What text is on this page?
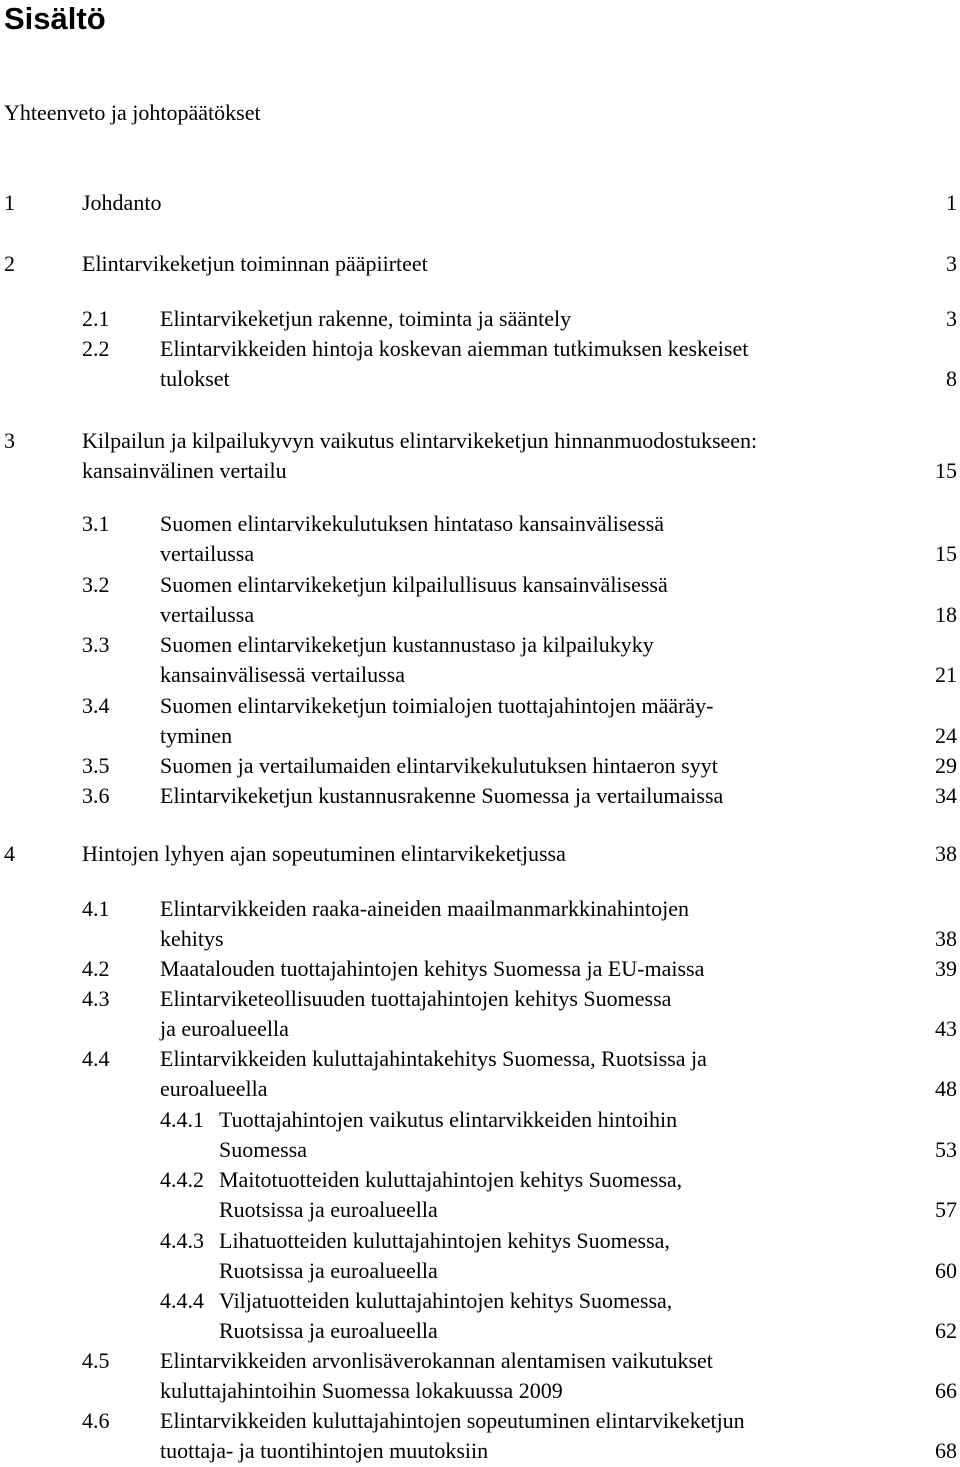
Sisältö
Yhteenveto ja johtopäätökset
1	Johdanto	1
2	Elintarvikeketjun toiminnan pääpiirteet	3
2.1 Elintarvikeketjun rakenne, toiminta ja sääntely	3
2.2 Elintarvikkeiden hintoja koskevan aiemman tutkimuksen keskeiset
tulokset	8
3	Kilpailun ja kilpailukyvyn vaikutus elintarvikeketjun hinnanmuodostukseen:
kansainvälinen vertailu	15
3.1 Suomen elintarvikekulutuksen hintataso kansainvälisessä
vertailussa	15
3.2 Suomen elintarvikeketjun kilpailullisuus kansainvälisessä
vertailussa	18
3.3 Suomen elintarvikeketjun kustannustaso ja kilpailukyky
kansainvälisessä vertailussa	21
3.4 Suomen elintarvikeketjun toimialojen tuottajahintojen määräy-
tyminen	24
3.5 Suomen ja vertailumaiden elintarvikekulutuksen hintaeron syyt	29
3.6 Elintarvikeketjun kustannusrakenne Suomessa ja vertailumaissa	34
4	Hintojen lyhyen ajan sopeutuminen elintarvikeketjussa	38
4.1 Elintarvikkeiden raaka-aineiden maailmanmarkkinahintojen
kehitys	38
4.2 Maatalouden tuottajahintojen kehitys Suomessa ja EU-maissa	39
4.3 Elintarviketeollisuuden tuottajahintojen kehitys Suomessa
ja euroalueella	43
4.4 Elintarvikkeiden kuluttajahintakehitys Suomessa, Ruotsissa ja
euroalueella	48
4.4.1 Tuottajahintojen vaikutus elintarvikkeiden hintoihin
Suomessa	53
4.4.2 Maitotuotteiden kuluttajahintojen kehitys Suomessa,
Ruotsissa ja euroalueella	57
4.4.3 Lihatuotteiden kuluttajahintojen kehitys Suomessa,
Ruotsissa ja euroalueella	60
4.4.4 Viljatuotteiden kuluttajahintojen kehitys Suomessa,
Ruotsissa ja euroalueella	62
4.5 Elintarvikkeiden arvonlisäverokannan alentamisen vaikutukset
kuluttajahintoihin Suomessa lokakuussa 2009	66
4.6 Elintarvikkeiden kuluttajahintojen sopeutuminen elintarvikeketjun
tuottaja- ja tuontihintojen muutoksiin	68
